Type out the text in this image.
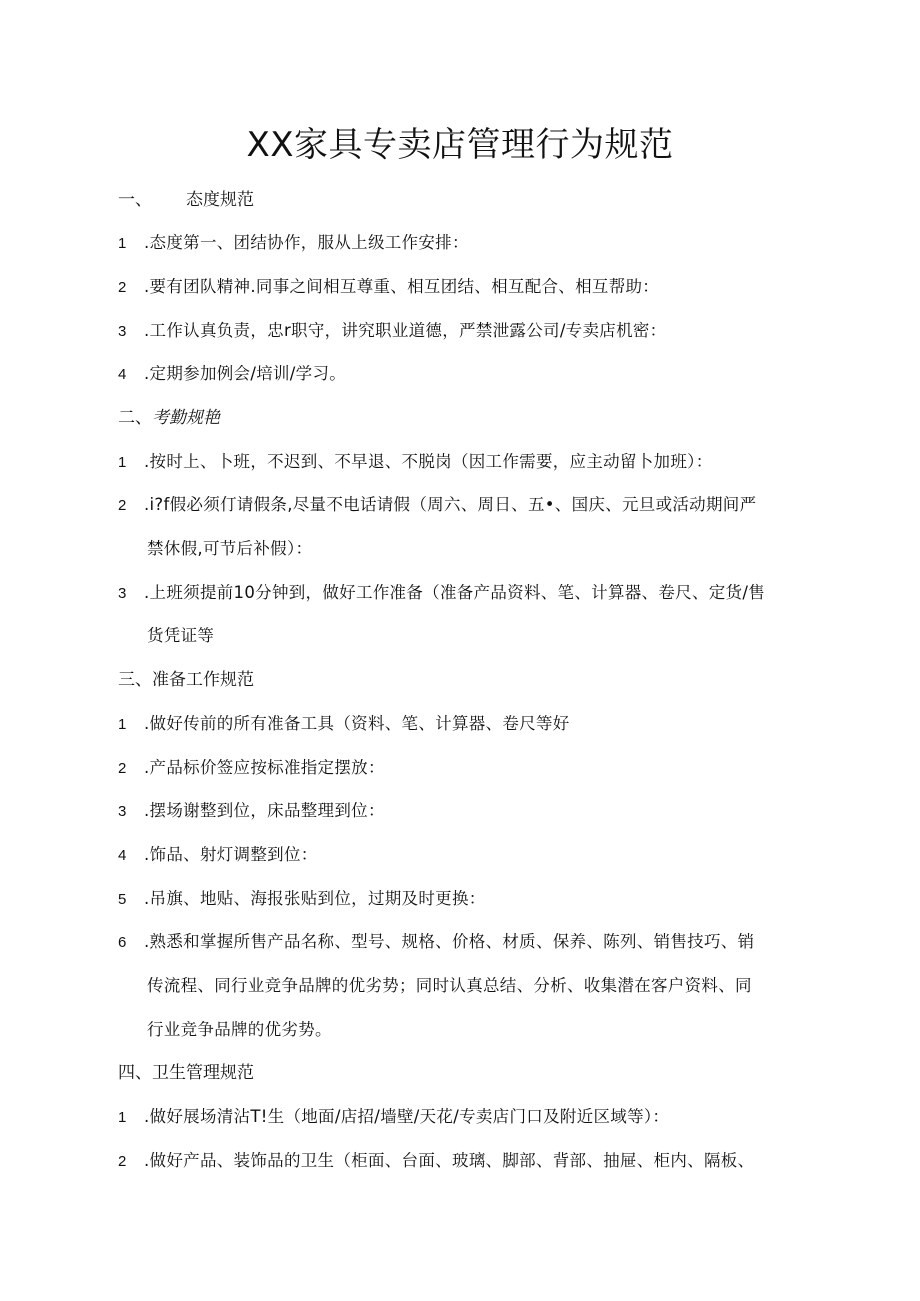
XX家具专卖店管理行为规范
一、 态度规范
1 .态度第一、团结协作，服从上级工作安排：
2 .要有团队精神.同事之间相互尊重、相互团结、相互配合、相互帮助：
3 .工作认真负责，忠r职守，讲究职业道德，严禁泄露公司/专卖店机密：
4 .定期参加例会/培训/学习。
二、考勤规艳
1 .按时上、卜班，不迟到、不早退、不脱岗（因工作需要，应主动留卜加班）：
2 .i?f假必须仃请假条,尽量不电话请假（周六、周日、五•、国庆、元旦或活动期间严
禁休假,可节后补假）：
3 .上班须提前10分钟到，做好工作准备（准备产品资料、笔、计算器、卷尺、定货/售
货凭证等
三、准备工作规范
1 .做好传前的所有准备工具（资料、笔、计算器、卷尺等好
2 .产品标价签应按标准指定摆放：
3 .摆场谢整到位，床品整理到位：
4 .饰品、射灯调整到位：
5 .吊旗、地贴、海报张贴到位，过期及时更换：
6 .熟悉和掌握所售产品名称、型号、规格、价格、材质、保养、陈列、销售技巧、销
传流程、同行业竞争品牌的优劣势；同时认真总结、分析、收集潜在客户资料、同
行业竞争品牌的优劣势。
四、卫生管理规范
1 .做好展场清沾T!生（地面/店招/墙壁/天花/专卖店门口及附近区域等）：
2 .做好产品、装饰品的卫生（柜面、台面、玻璃、脚部、背部、抽屉、柜内、隔板、
